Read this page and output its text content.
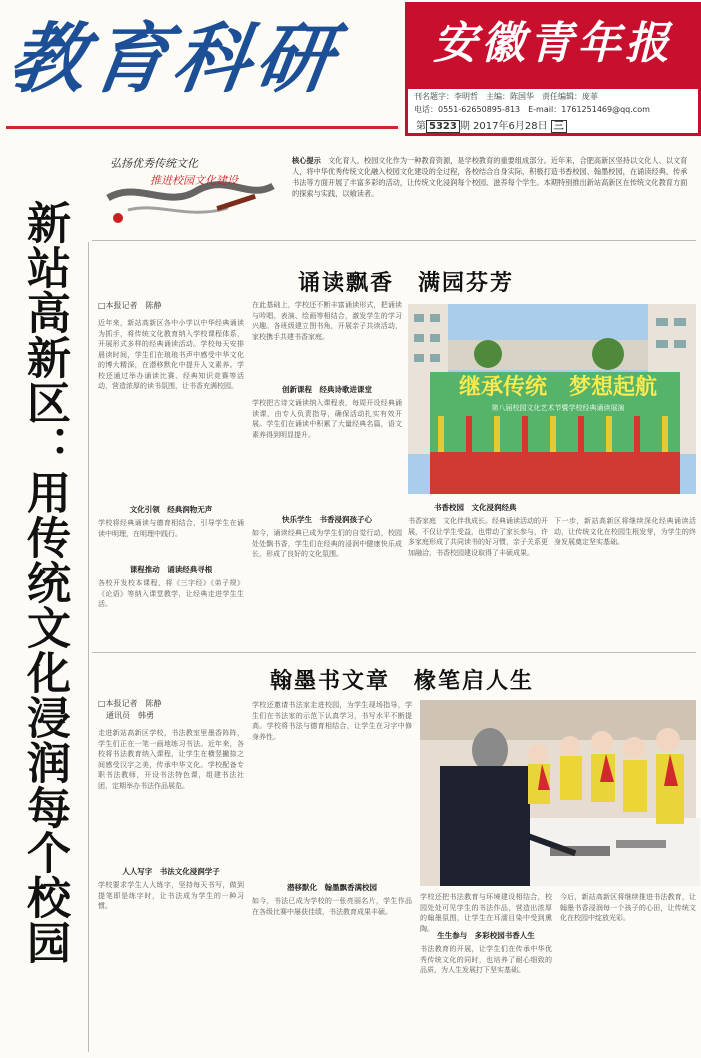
教育科研	安徽青年报
刊名题字：李明哲　主编：陈国华　责任编辑：庞菲
电话：0551-62650895-813　E-mail：1761251469@qq.com
第 5323 期 2017年6月28日 三
弘扬优秀传统文化
推进校园文化建设
核心提示　 文化育人，校园文化作为一种教育资源，是学校教育的重要组成部分。近年来，合肥高新区坚持以文化人、以文育人，将中华优秀传统文化融入校园文化建设的全过程，各校结合自身实际，积极打造书香校园、翰墨校园，在诵读经典、传承书法等方面开展了丰富多彩的活动，让传统文化浸润每个校园、滋养每个学生。本期特别推出新站高新区在传统文化教育方面的探索与实践，以飨读者。
新站高新区：用传统文化浸润每个校园	诵读飘香　满园芬芳
□本报记者　陈静
近年来，新站高新区各中小学以中华经典诵读为抓手，将传统文化教育纳入学校课程体系，开展形式多样的经典诵读活动。学校每天安排晨读时间，学生们在琅琅书声中感受中华文化的博大精深，在潜移默化中提升人文素养。学校还通过举办诵读比赛、经典知识竞赛等活动，营造浓厚的读书氛围，让书香充满校园。
文化引领　经典润物无声
学校将经典诵读与德育相结合，引导学生在诵读中明理，在明理中践行。
课程推动　诵读经典寻根
各校开发校本课程，将《三字经》《弟子规》《论语》等纳入课堂教学，让经典走进学生生活。
在此基础上，学校还不断丰富诵读形式，把诵读与吟唱、表演、绘画等相结合，激发学生的学习兴趣。各班级建立图书角，开展亲子共读活动，家校携手共建书香家庭。
创新课程　经典诗歌进课堂
学校把古诗文诵读纳入课程表，每周开设经典诵读课，由专人负责指导，确保活动扎实有效开展。学生们在诵读中积累了大量经典名篇，语文素养得到明显提升。
快乐学生　书香浸润孩子心
如今，诵读经典已成为学生们的自觉行动，校园处处飘书香，学生们在经典的浸润中健康快乐成长，形成了良好的文化氛围。
继承传统　梦想起航
第八届校园文化艺术节暨学校经典诵读展演
书香校园　文化浸润经典
书香家庭　文化伴我成长。经典诵读活动的开展，不仅让学生受益，也带动了家长参与，许多家庭形成了共同读书的好习惯，亲子关系更加融洽，书香校园建设取得了丰硕成果。
下一步，新站高新区将继续深化经典诵读活动，让传统文化在校园生根发芽，为学生的终身发展奠定坚实基础。
翰墨书文章　椽笔启人生
□本报记者　陈静
通讯员　韩勇
走进新站高新区学校，书法教室里墨香阵阵，学生们正在一笔一画地练习书法。近年来，各校将书法教育纳入课程，让学生在横竖撇捺之间感受汉字之美，传承中华文化。学校配备专职书法教师，开设书法特色课，组建书法社团，定期举办书法作品展览。
人人写字　书法文化浸润学子
学校要求学生人人练字，坚持每天书写，做到提笔即是练字时，让书法成为学生的一种习惯。
学校还邀请书法家走进校园，为学生现场指导，学生们在书法家的示范下认真学习，书写水平不断提高。学校将书法与德育相结合，让学生在习字中修身养性。
潜移默化　翰墨飘香满校园
如今，书法已成为学校的一张亮丽名片，学生作品在各级比赛中屡获佳绩，书法教育成果丰硕。
学校还把书法教育与环境建设相结合，校园处处可见学生的书法作品，营造出浓厚的翰墨氛围，让学生在耳濡目染中受到熏陶。
生生参与　多彩校园书香人生
书法教育的开展，让学生们在传承中华优秀传统文化的同时，也培养了耐心细致的品质，为人生发展打下坚实基础。
今后，新站高新区将继续推进书法教育，让翰墨书香浸润每一个孩子的心田，让传统文化在校园中绽放光彩。
